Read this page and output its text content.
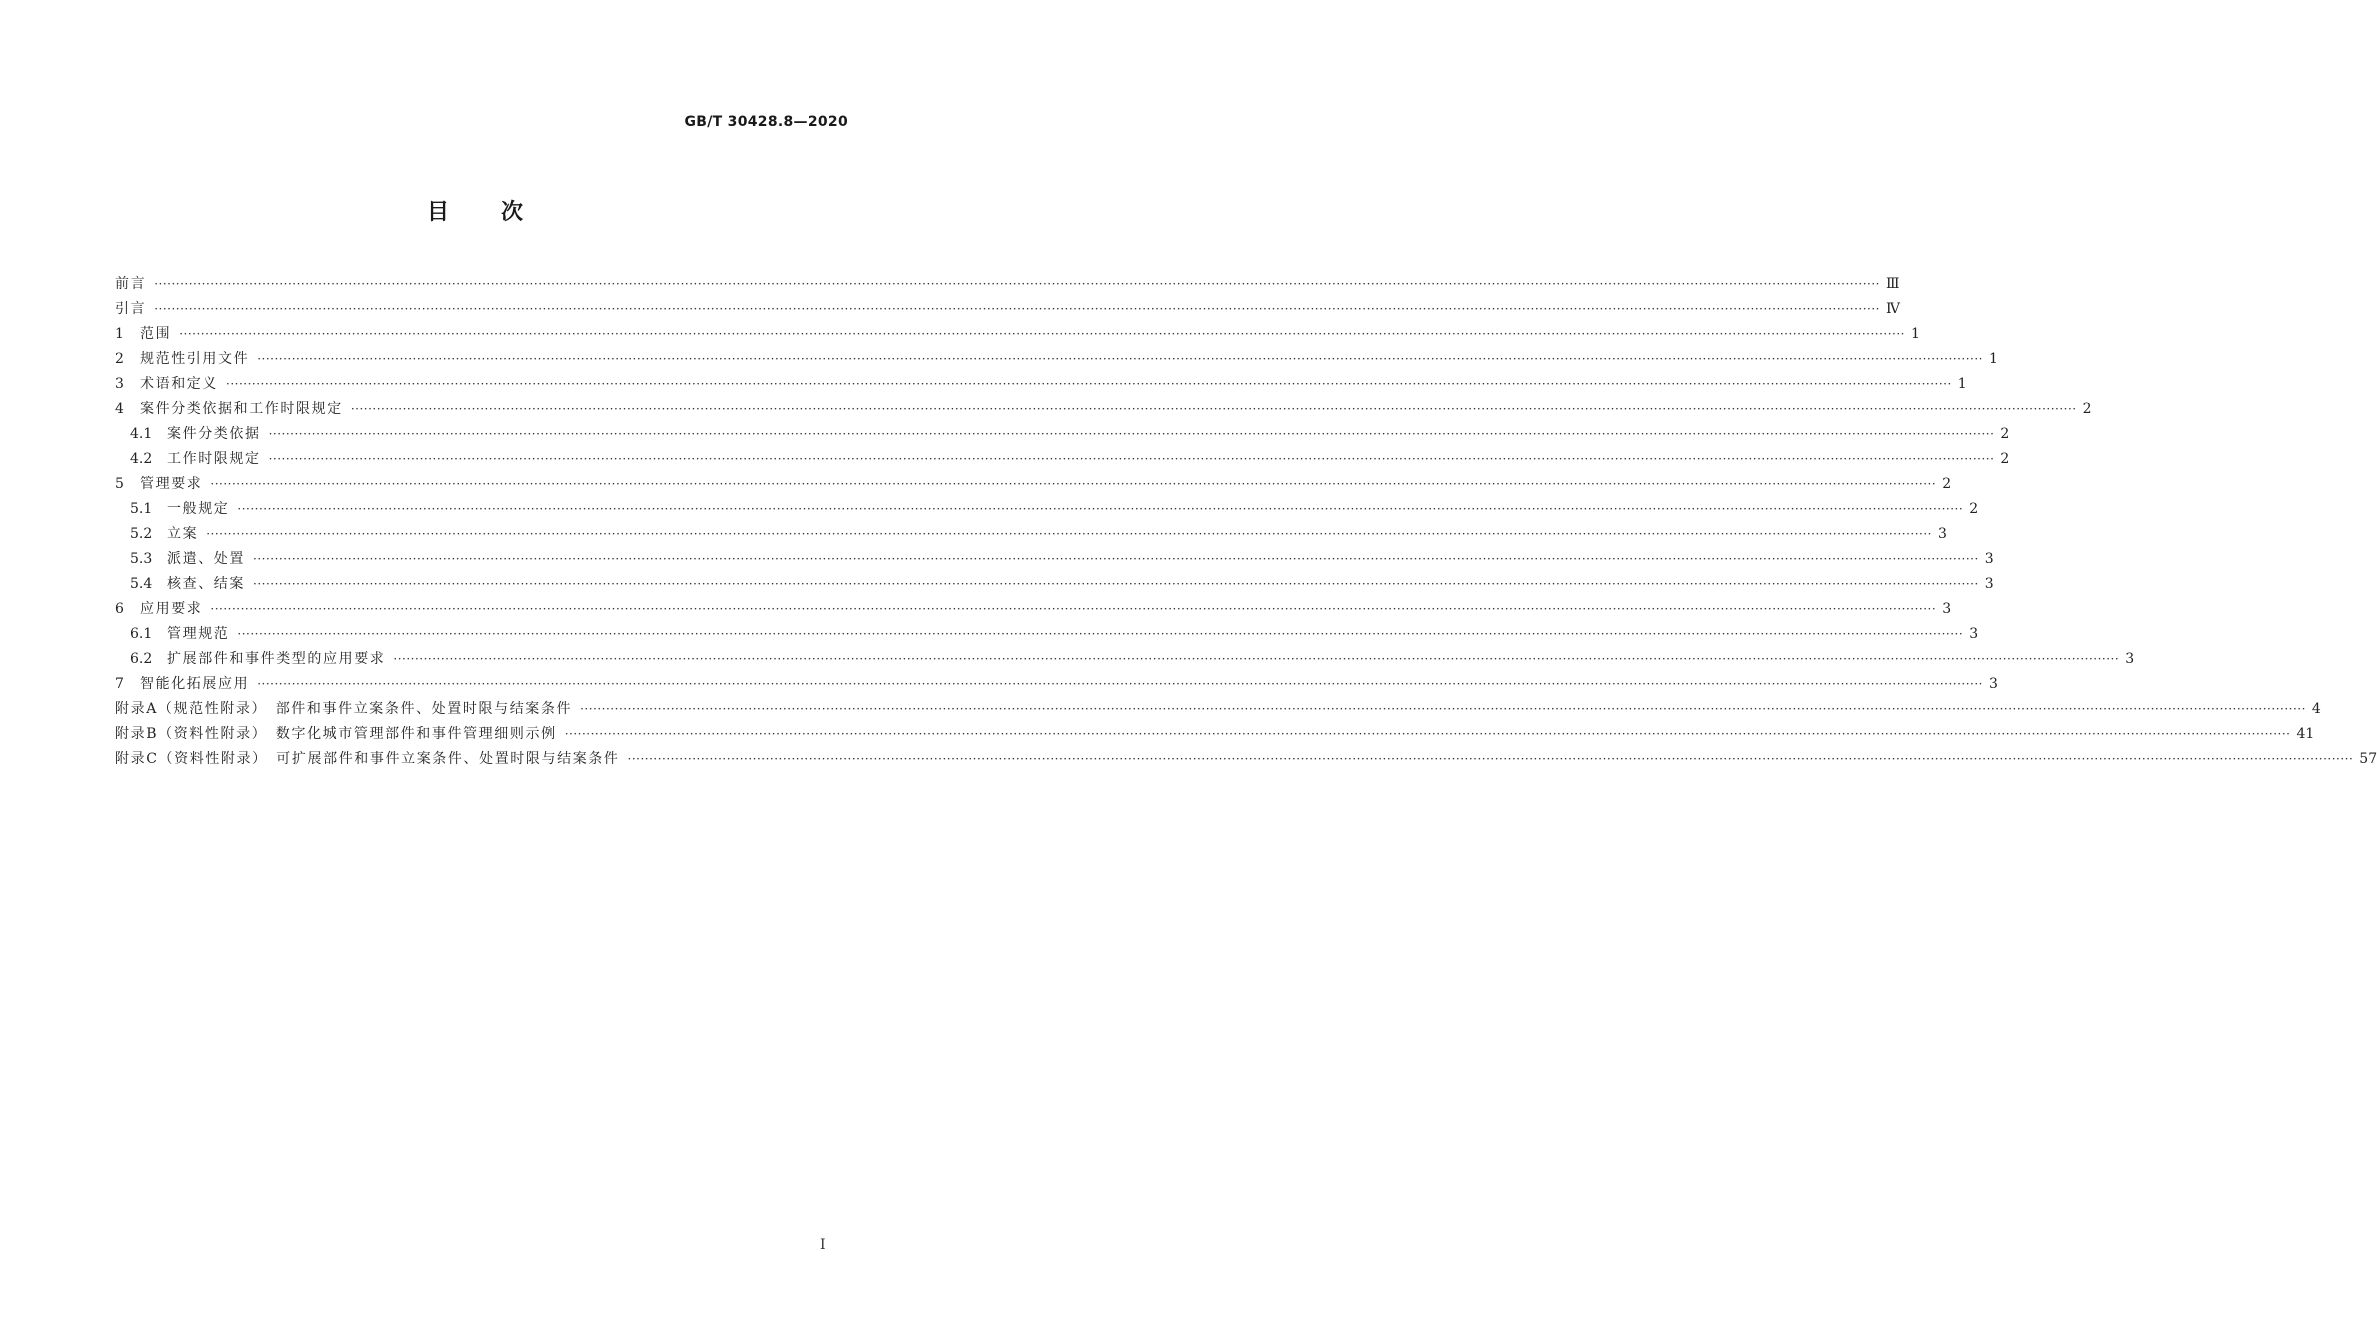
GB/T 30428.8—2020
目 次
前言 ················································································································································································································································································································································································································ Ⅲ
引言 ················································································································································································································································································································································································································ Ⅳ
1	范围 ················································································································································································································································································································································································································ 1
2	规范性引用文件 ················································································································································································································································································································································································································ 1
3	术语和定义 ················································································································································································································································································································································································································ 1
4	案件分类依据和工作时限规定 ················································································································································································································································································································································································································ 2
4.1	案件分类依据 ················································································································································································································································································································································································································ 2
4.2	工作时限规定 ················································································································································································································································································································································································································ 2
5	管理要求 ················································································································································································································································································································································································································ 2
5.1	一般规定 ················································································································································································································································································································································································································ 2
5.2	立案 ················································································································································································································································································································································································································ 3
5.3	派遣、处置 ················································································································································································································································································································································································································ 3
5.4	核查、结案 ················································································································································································································································································································································································································ 3
6	应用要求 ················································································································································································································································································································································································································ 3
6.1	管理规范 ················································································································································································································································································································································································································ 3
6.2	扩展部件和事件类型的应用要求 ················································································································································································································································································································································································································ 3
7	智能化拓展应用 ················································································································································································································································································································································································································ 3
附录A（规范性附录）　部件和事件立案条件、处置时限与结案条件 ················································································································································································································································································································································································································ 4
附录B（资料性附录）　数字化城市管理部件和事件管理细则示例 ················································································································································································································································································································································································································ 41
附录C（资料性附录）　可扩展部件和事件立案条件、处置时限与结案条件 ················································································································································································································································································································································································································ 57
I
